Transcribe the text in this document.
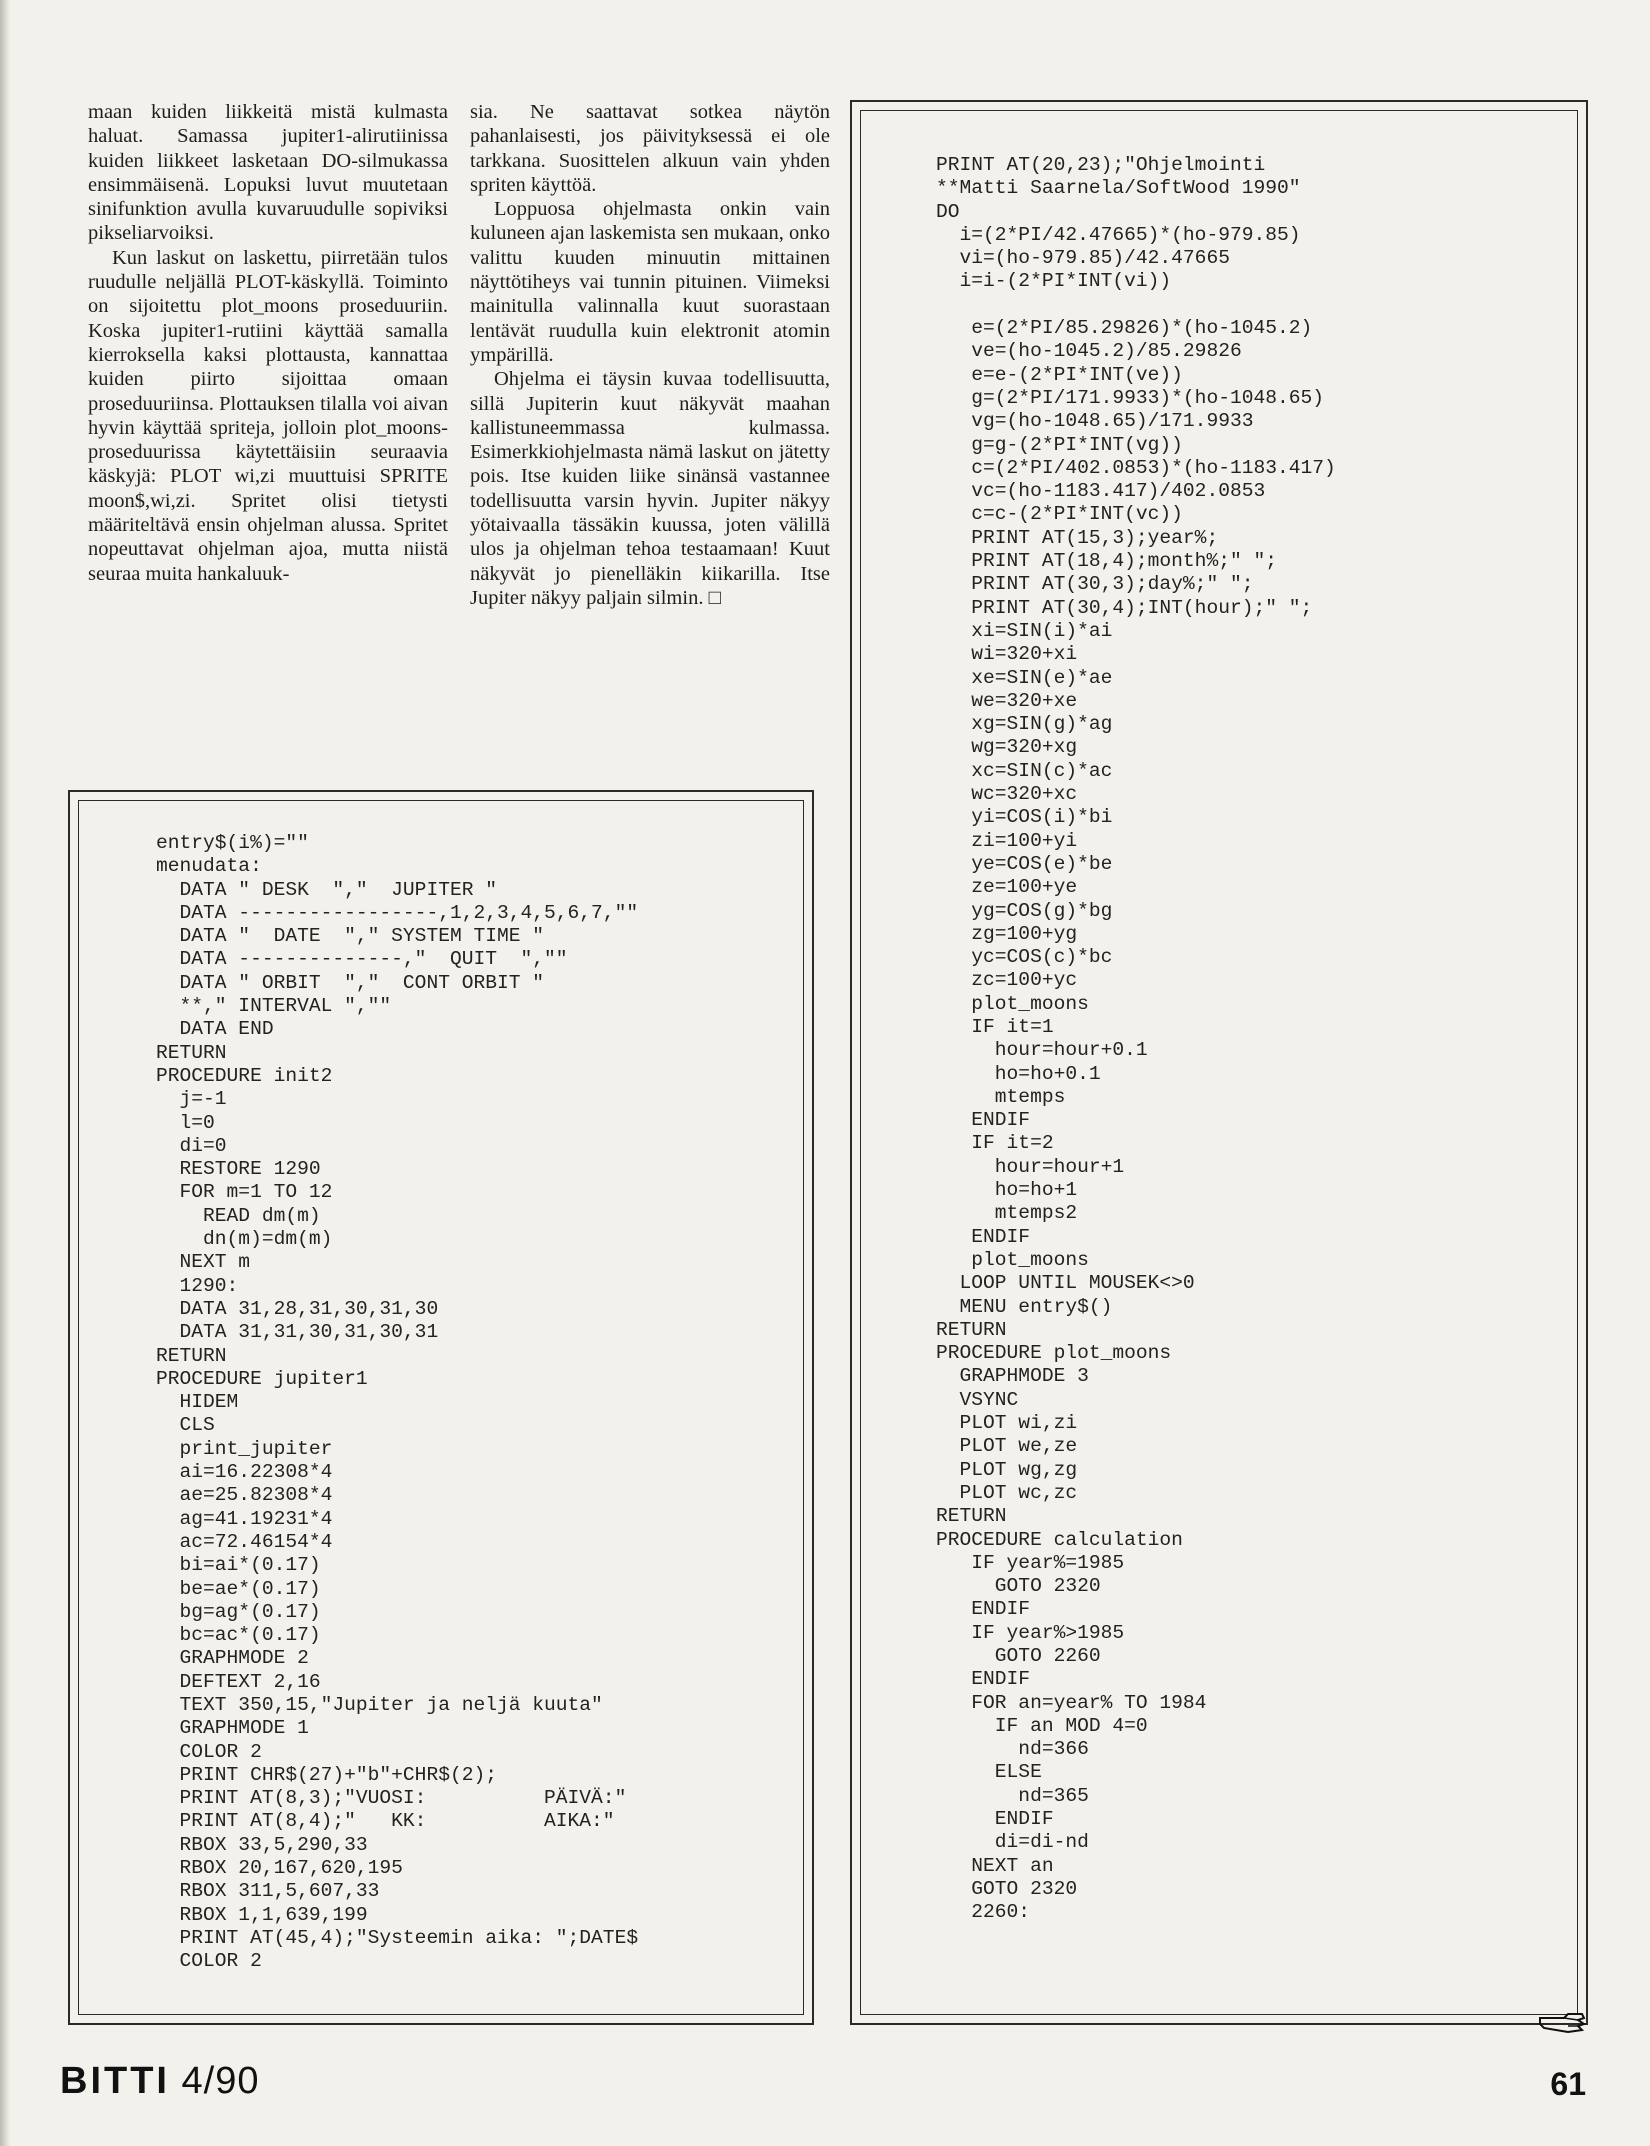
maan kuiden liikkeitä mistä kulmasta haluat. Samassa jupiter1-alirutiinissa kuiden liikkeet lasketaan DO-silmukassa ensimmäisenä. Lopuksi luvut muutetaan sinifunktion avulla kuvaruudulle sopiviksi pikseliarvoiksi.

Kun laskut on laskettu, piirretään tulos ruudulle neljällä PLOT-käskyllä. Toiminto on sijoitettu plot_moons proseduuriin. Koska jupiter1-rutiini käyttää samalla kierroksella kaksi plottausta, kannattaa kuiden piirto sijoittaa omaan proseduuriinsa. Plottauksen tilalla voi aivan hyvin käyttää spriteja, jolloin plot_moons-proseduurissa käytettäisiin seuraavia käskyjä: PLOT wi,zi muuttuisi SPRITE moon$,wi,zi. Spritet olisi tietysti määriteltävä ensin ohjelman alussa. Spritet nopeuttavat ohjelman ajoa, mutta niistä seuraa muita hankaluuk-

sia. Ne saattavat sotkea näytön pahanlaisesti, jos päivityksessä ei ole tarkkana. Suosittelen alkuun vain yhden spriten käyttöä.

Loppuosa ohjelmasta onkin vain kuluneen ajan laskemista sen mukaan, onko valittu kuuden minuutin mittainen näyttötiheys vai tunnin pituinen. Viimeksi mainitulla valinnalla kuut suorastaan lentävät ruudulla kuin elektronit atomin ympärillä.

Ohjelma ei täysin kuvaa todellisuutta, sillä Jupiterin kuut näkyvät maahan kallistuneemmassa kulmassa. Esimerkkiohjelmasta nämä laskut on jätetty pois. Itse kuiden liike sinänsä vastannee todellisuutta varsin hyvin. Jupiter näkyy yötaivaalla tässäkin kuussa, joten välillä ulos ja ohjelman tehoa testaamaan! Kuut näkyvät jo pienelläkin kiikarilla. Itse Jupiter näkyy paljain silmin. □

entry$(i%)=""
menudata:
DATA " DESK  ","  JUPITER "
DATA -----------------,1,2,3,4,5,6,7,""
DATA "  DATE  "," SYSTEM TIME "
DATA --------------,"  QUIT  ",""
DATA " ORBIT  ","  CONT ORBIT "
**," INTERVAL ",""
DATA END
RETURN
PROCEDURE init2
j=-1
l=0
di=0
RESTORE 1290
FOR m=1 TO 12
READ dm(m)
dn(m)=dm(m)
NEXT m
1290:
DATA 31,28,31,30,31,30
DATA 31,31,30,31,30,31
RETURN
PROCEDURE jupiter1
HIDEM
CLS
print_jupiter
ai=16.22308*4
ae=25.82308*4
ag=41.19231*4
ac=72.46154*4
bi=ai*(0.17)
be=ae*(0.17)
bg=ag*(0.17)
bc=ac*(0.17)
GRAPHMODE 2
DEFTEXT 2,16
TEXT 350,15,"Jupiter ja neljä kuuta"
GRAPHMODE 1
COLOR 2
PRINT CHR$(27)+"b"+CHR$(2);
PRINT AT(8,3);"VUOSI:          PÄIVÄ:"
PRINT AT(8,4);"   KK:          AIKA:"
RBOX 33,5,290,33
RBOX 20,167,620,195
RBOX 311,5,607,33
RBOX 1,1,639,199
PRINT AT(45,4);"Systeemin aika: ";DATE$
COLOR 2
PRINT AT(20,23);"Ohjelmointi
**Matti Saarnela/SoftWood 1990"
DO
i=(2*PI/42.47665)*(ho-979.85)
vi=(ho-979.85)/42.47665
i=i-(2*PI*INT(vi))

e=(2*PI/85.29826)*(ho-1045.2)
ve=(ho-1045.2)/85.29826
e=e-(2*PI*INT(ve))
g=(2*PI/171.9933)*(ho-1048.65)
vg=(ho-1048.65)/171.9933
g=g-(2*PI*INT(vg))
c=(2*PI/402.0853)*(ho-1183.417)
vc=(ho-1183.417)/402.0853
c=c-(2*PI*INT(vc))
PRINT AT(15,3);year%;
PRINT AT(18,4);month%;" ";
PRINT AT(30,3);day%;" ";
PRINT AT(30,4);INT(hour);" ";
xi=SIN(i)*ai
wi=320+xi
xe=SIN(e)*ae
we=320+xe
xg=SIN(g)*ag
wg=320+xg
xc=SIN(c)*ac
wc=320+xc
yi=COS(i)*bi
zi=100+yi
ye=COS(e)*be
ze=100+ye
yg=COS(g)*bg
zg=100+yg
yc=COS(c)*bc
zc=100+yc
plot_moons
IF it=1
hour=hour+0.1
ho=ho+0.1
mtemps
ENDIF
IF it=2
hour=hour+1
ho=ho+1
mtemps2
ENDIF
plot_moons
LOOP UNTIL MOUSEK<>0
MENU entry$()
RETURN
PROCEDURE plot_moons
GRAPHMODE 3
VSYNC
PLOT wi,zi
PLOT we,ze
PLOT wg,zg
PLOT wc,zc
RETURN
PROCEDURE calculation
IF year%=1985
GOTO 2320
ENDIF
IF year%>1985
GOTO 2260
ENDIF
FOR an=year% TO 1984
IF an MOD 4=0
nd=366
ELSE
nd=365
ENDIF
di=di-nd
NEXT an
GOTO 2320
2260:
BITTI 4/90	61
